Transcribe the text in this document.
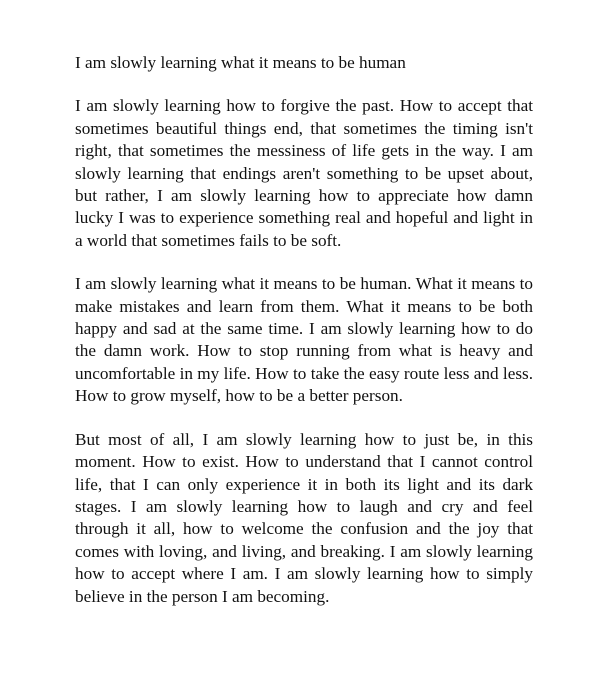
I am slowly learning what it means to be human

I am slowly learning how to forgive the past. How to accept that sometimes beautiful things end, that sometimes the timing isn't right, that sometimes the messiness of life gets in the way. I am slowly learning that endings aren't something to be upset about, but rather, I am slowly learning how to appreciate how damn lucky I was to experience something real and hopeful and light in a world that sometimes fails to be soft.

I am slowly learning what it means to be human. What it means to make mistakes and learn from them. What it means to be both happy and sad at the same time. I am slowly learning how to do the damn work. How to stop running from what is heavy and uncomfortable in my life. How to take the easy route less and less. How to grow myself, how to be a better person.

But most of all, I am slowly learning how to just be, in this moment. How to exist. How to understand that I cannot control life, that I can only experience it in both its light and its dark stages. I am slowly learning how to laugh and cry and feel through it all, how to welcome the confusion and the joy that comes with loving, and living, and breaking. I am slowly learning how to accept where I am. I am slowly learning how to simply believe in the person I am becoming.
